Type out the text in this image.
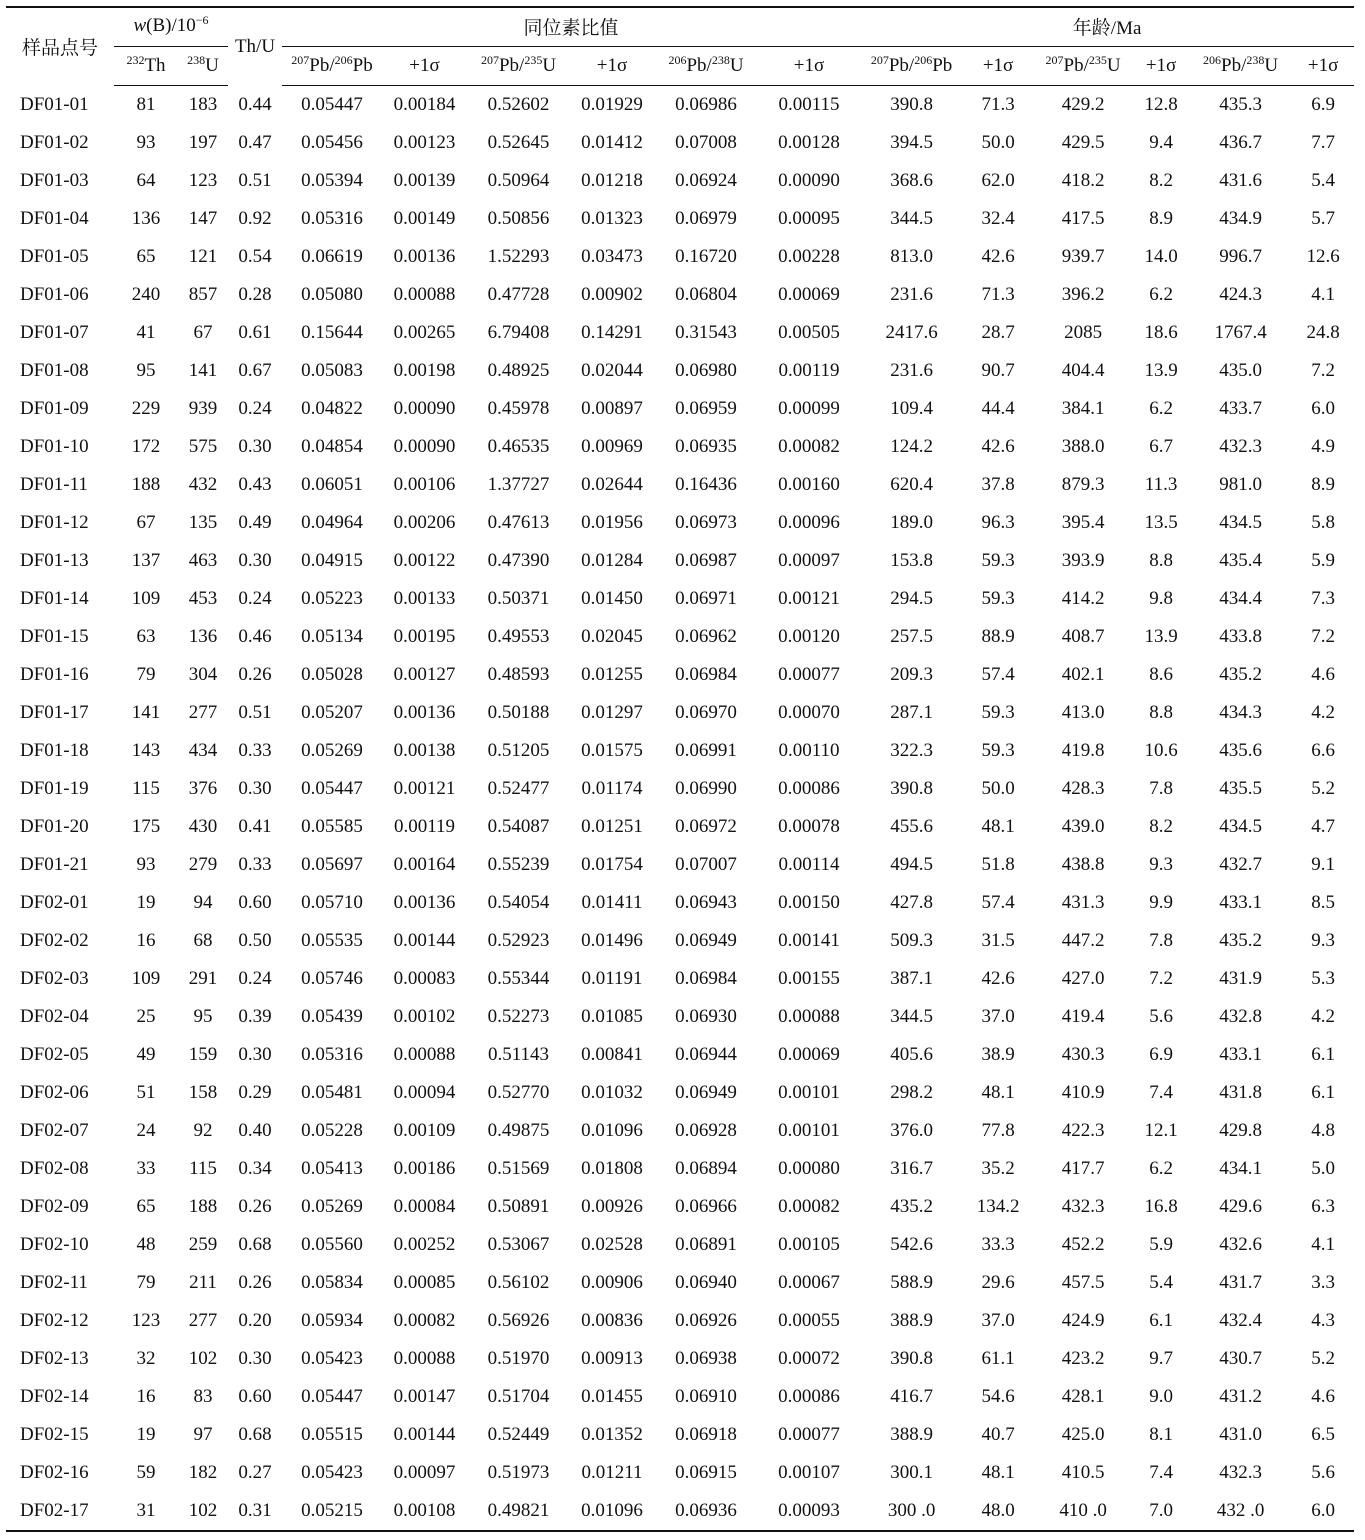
样品点号	$w(B)/10^{-6}$		Th/U	同位素比值						年龄/Ma					
	$^{232}$Th	$^{238}$U		$^{207}$Pb/$^{206}$Pb	+1σ	$^{207}$Pb/$^{235}$U	+1σ	$^{206}$Pb/$^{238}$U	+1σ	$^{207}$Pb/$^{206}$Pb	+1σ	$^{207}$Pb/$^{235}$U	+1σ	$^{206}$Pb/$^{238}$U	+1σ
DF01-01	81	183	0.44	0.05447	0.00184	0.52602	0.01929	0.06986	0.00115	390.8	71.3	429.2	12.8	435.3	6.9
DF01-02	93	197	0.47	0.05456	0.00123	0.52645	0.01412	0.07008	0.00128	394.5	50.0	429.5	9.4	436.7	7.7
DF01-03	64	123	0.51	0.05394	0.00139	0.50964	0.01218	0.06924	0.00090	368.6	62.0	418.2	8.2	431.6	5.4
DF01-04	136	147	0.92	0.05316	0.00149	0.50856	0.01323	0.06979	0.00095	344.5	32.4	417.5	8.9	434.9	5.7
DF01-05	65	121	0.54	0.06619	0.00136	1.52293	0.03473	0.16720	0.00228	813.0	42.6	939.7	14.0	996.7	12.6
DF01-06	240	857	0.28	0.05080	0.00088	0.47728	0.00902	0.06804	0.00069	231.6	71.3	396.2	6.2	424.3	4.1
DF01-07	41	67	0.61	0.15644	0.00265	6.79408	0.14291	0.31543	0.00505	2417.6	28.7	2085	18.6	1767.4	24.8
DF01-08	95	141	0.67	0.05083	0.00198	0.48925	0.02044	0.06980	0.00119	231.6	90.7	404.4	13.9	435.0	7.2
DF01-09	229	939	0.24	0.04822	0.00090	0.45978	0.00897	0.06959	0.00099	109.4	44.4	384.1	6.2	433.7	6.0
DF01-10	172	575	0.30	0.04854	0.00090	0.46535	0.00969	0.06935	0.00082	124.2	42.6	388.0	6.7	432.3	4.9
DF01-11	188	432	0.43	0.06051	0.00106	1.37727	0.02644	0.16436	0.00160	620.4	37.8	879.3	11.3	981.0	8.9
DF01-12	67	135	0.49	0.04964	0.00206	0.47613	0.01956	0.06973	0.00096	189.0	96.3	395.4	13.5	434.5	5.8
DF01-13	137	463	0.30	0.04915	0.00122	0.47390	0.01284	0.06987	0.00097	153.8	59.3	393.9	8.8	435.4	5.9
DF01-14	109	453	0.24	0.05223	0.00133	0.50371	0.01450	0.06971	0.00121	294.5	59.3	414.2	9.8	434.4	7.3
DF01-15	63	136	0.46	0.05134	0.00195	0.49553	0.02045	0.06962	0.00120	257.5	88.9	408.7	13.9	433.8	7.2
DF01-16	79	304	0.26	0.05028	0.00127	0.48593	0.01255	0.06984	0.00077	209.3	57.4	402.1	8.6	435.2	4.6
DF01-17	141	277	0.51	0.05207	0.00136	0.50188	0.01297	0.06970	0.00070	287.1	59.3	413.0	8.8	434.3	4.2
DF01-18	143	434	0.33	0.05269	0.00138	0.51205	0.01575	0.06991	0.00110	322.3	59.3	419.8	10.6	435.6	6.6
DF01-19	115	376	0.30	0.05447	0.00121	0.52477	0.01174	0.06990	0.00086	390.8	50.0	428.3	7.8	435.5	5.2
DF01-20	175	430	0.41	0.05585	0.00119	0.54087	0.01251	0.06972	0.00078	455.6	48.1	439.0	8.2	434.5	4.7
DF01-21	93	279	0.33	0.05697	0.00164	0.55239	0.01754	0.07007	0.00114	494.5	51.8	438.8	9.3	432.7	9.1
DF02-01	19	94	0.60	0.05710	0.00136	0.54054	0.01411	0.06943	0.00150	427.8	57.4	431.3	9.9	433.1	8.5
DF02-02	16	68	0.50	0.05535	0.00144	0.52923	0.01496	0.06949	0.00141	509.3	31.5	447.2	7.8	435.2	9.3
DF02-03	109	291	0.24	0.05746	0.00083	0.55344	0.01191	0.06984	0.00155	387.1	42.6	427.0	7.2	431.9	5.3
DF02-04	25	95	0.39	0.05439	0.00102	0.52273	0.01085	0.06930	0.00088	344.5	37.0	419.4	5.6	432.8	4.2
DF02-05	49	159	0.30	0.05316	0.00088	0.51143	0.00841	0.06944	0.00069	405.6	38.9	430.3	6.9	433.1	6.1
DF02-06	51	158	0.29	0.05481	0.00094	0.52770	0.01032	0.06949	0.00101	298.2	48.1	410.9	7.4	431.8	6.1
DF02-07	24	92	0.40	0.05228	0.00109	0.49875	0.01096	0.06928	0.00101	376.0	77.8	422.3	12.1	429.8	4.8
DF02-08	33	115	0.34	0.05413	0.00186	0.51569	0.01808	0.06894	0.00080	316.7	35.2	417.7	6.2	434.1	5.0
DF02-09	65	188	0.26	0.05269	0.00084	0.50891	0.00926	0.06966	0.00082	435.2	134.2	432.3	16.8	429.6	6.3
DF02-10	48	259	0.68	0.05560	0.00252	0.53067	0.02528	0.06891	0.00105	542.6	33.3	452.2	5.9	432.6	4.1
DF02-11	79	211	0.26	0.05834	0.00085	0.56102	0.00906	0.06940	0.00067	588.9	29.6	457.5	5.4	431.7	3.3
DF02-12	123	277	0.20	0.05934	0.00082	0.56926	0.00836	0.06926	0.00055	388.9	37.0	424.9	6.1	432.4	4.3
DF02-13	32	102	0.30	0.05423	0.00088	0.51970	0.00913	0.06938	0.00072	390.8	61.1	423.2	9.7	430.7	5.2
DF02-14	16	83	0.60	0.05447	0.00147	0.51704	0.01455	0.06910	0.00086	416.7	54.6	428.1	9.0	431.2	4.6
DF02-15	19	97	0.68	0.05515	0.00144	0.52449	0.01352	0.06918	0.00077	388.9	40.7	425.0	8.1	431.0	6.5
DF02-16	59	182	0.27	0.05423	0.00097	0.51973	0.01211	0.06915	0.00107	300.1	48.1	410.5	7.4	432.3	5.6
DF02-17	31	102	0.31	0.05215	0.00108	0.49821	0.01096	0.06936	0.00093	300 .0	48.0	410 .0	7.0	432 .0	6.0
